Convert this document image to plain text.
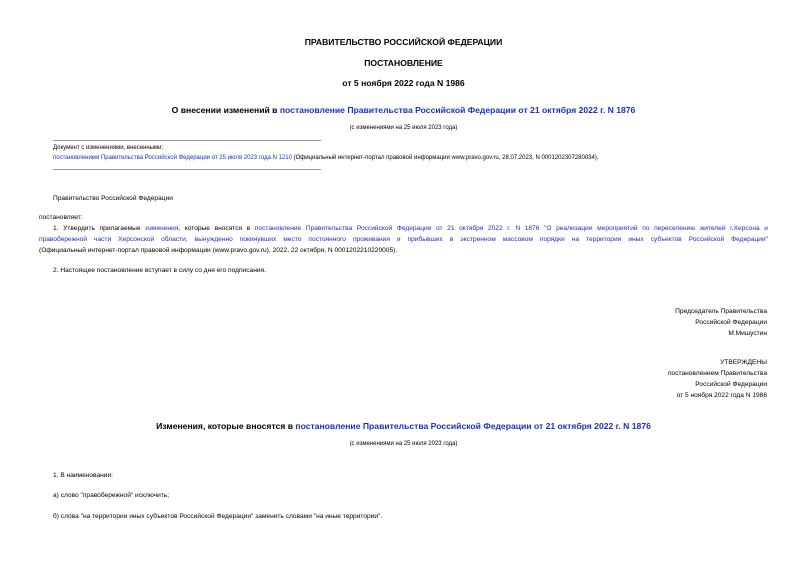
ПРАВИТЕЛЬСТВО РОССИЙСКОЙ ФЕДЕРАЦИИ
ПОСТАНОВЛЕНИЕ
от 5 ноября 2022 года N 1986
О внесении изменений в постановление Правительства Российской Федерации от 21 октября 2022 г. N 1876
(с изменениями на 25 июля 2023 года)
Документ с изменениями, внесенными:
постановлением Правительства Российской Федерации от 25 июля 2023 года N 1210 (Официальный интернет-портал правовой информации www.pravo.gov.ru, 28.07.2023, N 0001202307280034).
Правительство Российской Федерации
постановляет:
1. Утвердить прилагаемые изменения, которые вносятся в постановление Правительства Российской Федерации от 21 октября 2022 г. N 1876 "О реализации мероприятий по переселению жителей г.Херсона и
правобережной части Херсонской области, вынужденно покинувших место постоянного проживания и прибывших в экстренном массовом порядке на территории иных субъектов Российской Федерации"
(Официальный интернет-портал правовой информации (www.pravo.gov.ru), 2022, 22 октября, N 0001202210220005).
2. Настоящее постановление вступает в силу со дня его подписания.
Председатель Правительства
Российской Федерации
М.Мишустин
УТВЕРЖДЕНЫ
постановлением Правительства
Российской Федерации
от 5 ноября 2022 года N 1986
Изменения, которые вносятся в постановление Правительства Российской Федерации от 21 октября 2022 г. N 1876
(с изменениями на 25 июля 2023 года)
1. В наименовании:
а) слово "правобережной" исключить;
б) слова "на территории иных субъектов Российской Федерации" заменить словами "на иные территории".
